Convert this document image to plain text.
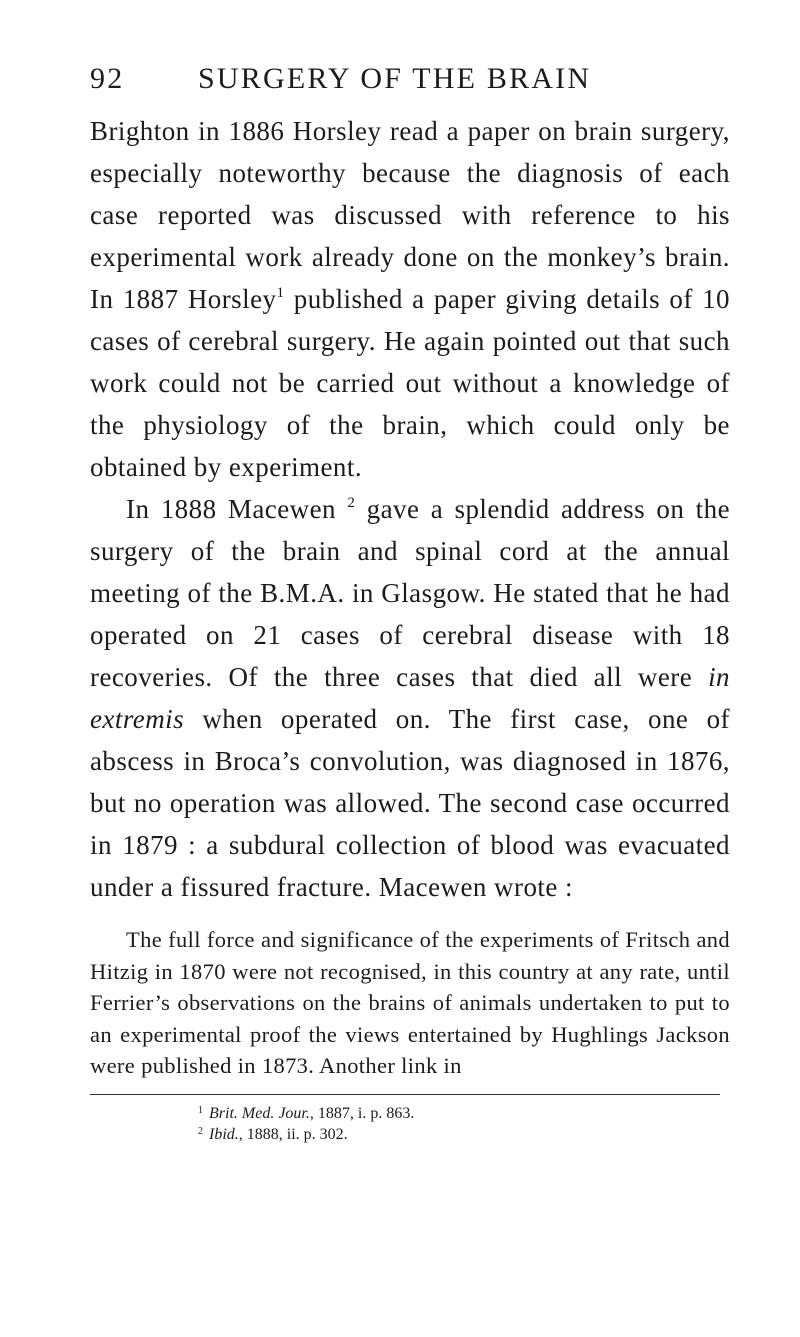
92 SURGERY OF THE BRAIN

Brighton in 1886 Horsley read a paper on brain surgery, especially noteworthy because the diagnosis of each case reported was discussed with reference to his experimental work already done on the monkey’s brain. In 1887 Horsley$^1$ published a paper giving details of 10 cases of cerebral surgery. He again pointed out that such work could not be carried out without a knowledge of the physiology of the brain, which could only be obtained by experiment.

In 1888 Macewen $^2$ gave a splendid address on the surgery of the brain and spinal cord at the annual meeting of the B.M.A. in Glasgow. He stated that he had operated on 21 cases of cerebral disease with 18 recoveries. Of the three cases that died all were in extremis when operated on. The first case, one of abscess in Broca’s convolution, was diagnosed in 1876, but no operation was allowed. The second case occurred in 1879 : a subdural collection of blood was evacuated under a fissured fracture. Macewen wrote :

The full force and significance of the experiments of Fritsch and Hitzig in 1870 were not recognised, in this country at any rate, until Ferrier’s observations on the brains of animals undertaken to put to an experimental proof the views entertained by Hughlings Jackson were published in 1873. Another link in

$^1$ Brit. Med. Jour., 1887, i. p. 863.
$^2$ Ibid., 1888, ii. p. 302.
